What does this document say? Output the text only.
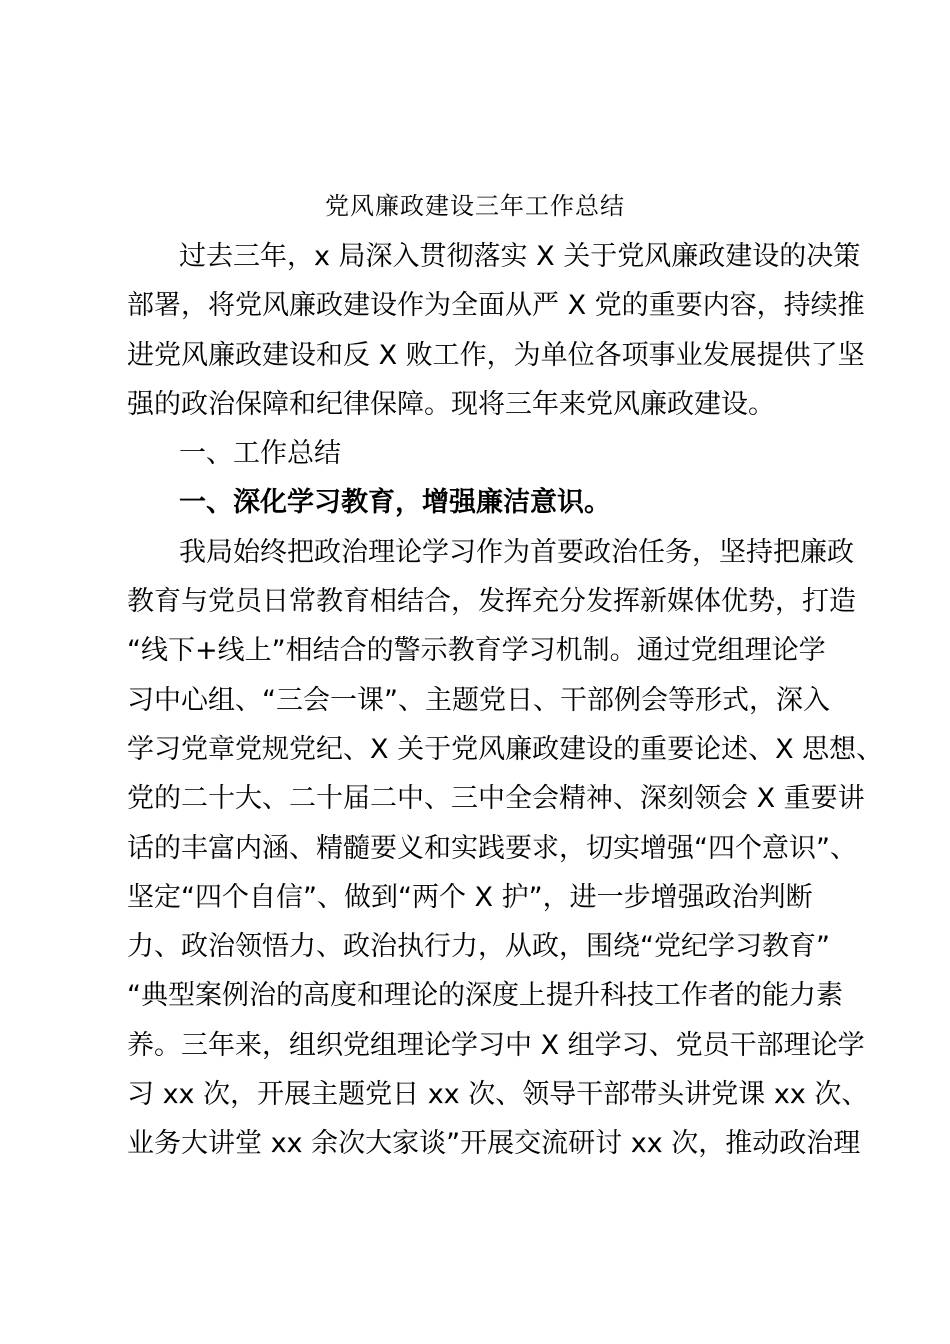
党风廉政建设三年工作总结
过去三年，x 局深入贯彻落实 X 关于党风廉政建设的决策
部署，将党风廉政建设作为全面从严 X 党的重要内容，持续推
进党风廉政建设和反 X 败工作，为单位各项事业发展提供了坚
强的政治保障和纪律保障。现将三年来党风廉政建设。
一、工作总结
一、深化学习教育，增强廉洁意识。
我局始终把政治理论学习作为首要政治任务，坚持把廉政
教育与党员日常教育相结合，发挥充分发挥新媒体优势，打造
“线下+线上”相结合的警示教育学习机制。通过党组理论学
习中心组、“三会一课”、主题党日、干部例会等形式，深入
学习党章党规党纪、X 关于党风廉政建设的重要论述、X 思想、
党的二十大、二十届二中、三中全会精神、深刻领会 X 重要讲
话的丰富内涵、精髓要义和实践要求，切实增强“四个意识”、
坚定“四个自信”、做到“两个 X 护”，进一步增强政治判断
力、政治领悟力、政治执行力，从政，围绕“党纪学习教育”
“典型案例治的高度和理论的深度上提升科技工作者的能力素
养。三年来，组织党组理论学习中 X 组学习、党员干部理论学
习 xx 次，开展主题党日 xx 次、领导干部带头讲党课 xx 次、
业务大讲堂 xx 余次大家谈”开展交流研讨 xx 次，推动政治理
